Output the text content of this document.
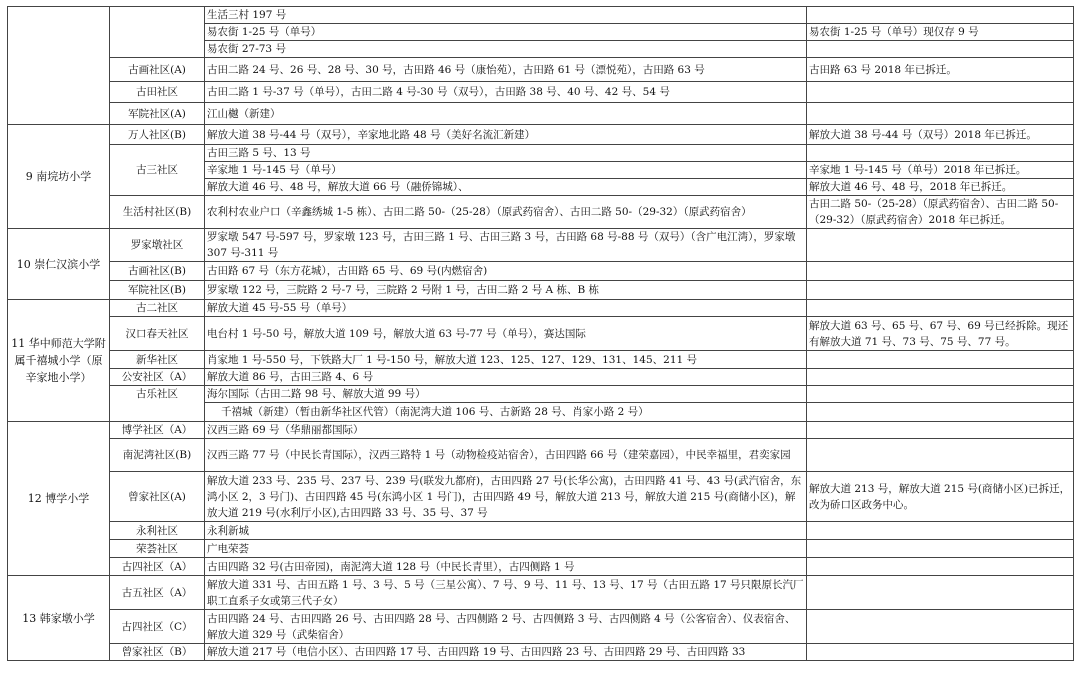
		生活三村 197 号	
		易农街 1-25 号（单号）	易农街 1-25 号（单号）现仅存 9 号
		易农街 27-73 号	
	古画社区(A)	古田二路 24 号、26 号、28 号、30 号，古田路 46 号（康怡苑），古田路 61 号（漂悦苑），古田路 63 号	古田路 63 号 2018 年已拆迁。
	古田社区	古田二路 1 号-37 号（单号），古田二路 4 号-30 号（双号），古田路 38 号、40 号、42 号、54 号	
	军院社区(A)	江山樾（新建）	
9 南垸坊小学	万人社区(B)	解放大道 38 号-44 号（双号），辛家地北路 48 号（美好名流汇新建）	解放大道 38 号-44 号（双号）2018 年已拆迁。
	古三社区	古田三路 5 号、13 号	
		辛家地 1 号-145 号（单号）	辛家地 1 号-145 号（单号）2018 年已拆迁。
		解放大道 46 号、48 号，解放大道 66 号（融侨锦城）、	解放大道 46 号、48 号，2018 年已拆迁。
	生活村社区(B)	农利村农业户口（辛鑫绣城 1-5 栋）、古田二路 50-（25-28）（原武药宿舍）、古田二路 50-（29-32）（原武药宿舍）	古田二路 50-（25-28）（原武药宿舍）、古田二路 50-（29-32）（原武药宿舍）2018 年已拆迁。
10 崇仁汉滨小学	罗家墩社区	罗家墩 547 号-597 号，罗家墩 123 号，古田三路 1 号、古田三路 3 号，古田路 68 号-88 号（双号）（含广电江湾），罗家墩 307 号-311 号	
	古画社区(B)	古田路 67 号（东方花城），古田路 65 号、69 号(内燃宿舍)	
	军院社区(B)	罗家墩 122 号，三院路 2 号-7 号，三院路 2 号附 1 号，古田二路 2 号 A 栋、B 栋	
11 华中师范大学附属千禧城小学（原辛家地小学）	古二社区	解放大道 45 号-55 号（单号）	
	汉口春天社区	电台村 1 号-50 号，解放大道 109 号，解放大道 63 号-77 号（单号），赛达国际	解放大道 63 号、65 号、67 号、69 号已经拆除。现还有解放大道 71 号、73 号、75 号、77 号。
	新华社区	肖家地 1 号-550 号，下铁路大厂 1 号-150 号，解放大道 123、125、127、129、131、145、211 号	
	公安社区（A）	解放大道 86 号，古田三路 4、6 号	
	古乐社区	海尔国际（古田二路 98 号、解放大道 99 号）	
		千禧城（新建）（暂由新华社区代管）（南泥湾大道 106 号、古新路 28 号、肖家小路 2 号）	
12 博学小学	博学社区（A）	汉西三路 69 号（华鼎丽都国际）	
	南泥湾社区(B)	汉西三路 77 号（中民长青国际），汉西三路特 1 号（动物检疫站宿舍），古田四路 66 号（建荣嘉园），中民幸福里，君奕家园	
	曾家社区(A)	解放大道 233 号、235 号、237 号、239 号(联发九都府)，古田四路 27 号(长华公寓)，古田四路 41 号、43 号(武汽宿舍，东鸿小区 2，3 号门)、古田四路 45 号(东鸿小区 1 号门)，古田四路 49 号，解放大道 213 号，解放大道 215 号(商储小区)，解放大道 219 号(水利厅小区),古田四路 33 号、35 号、37 号	解放大道 213 号，解放大道 215 号(商储小区)已拆迁，改为硚口区政务中心。
	永利社区	永利新城	
	荣荟社区	广电荣荟	
	古四社区（A）	古田四路 32 号(古田帝园)，南泥湾大道 128 号（中民长青里），古四侧路 1 号	
13 韩家墩小学	古五社区（A）	解放大道 331 号、古田五路 1 号、3 号、5 号（三星公寓）、7 号、9 号、11 号、13 号、17 号（古田五路 17 号只限原长汽厂职工直系子女或第三代子女）	
	古四社区（C）	古田四路 24 号、古田四路 26 号、古田四路 28 号、古四侧路 2 号、古四侧路 3 号、古四侧路 4 号（公客宿舍）、仪表宿舍、解放大道 329 号（武柴宿舍）	
	曾家社区（B）	解放大道 217 号（电信小区）、古田四路 17 号、古田四路 19 号、古田四路 23 号、古田四路 29 号、古田四路 33	
